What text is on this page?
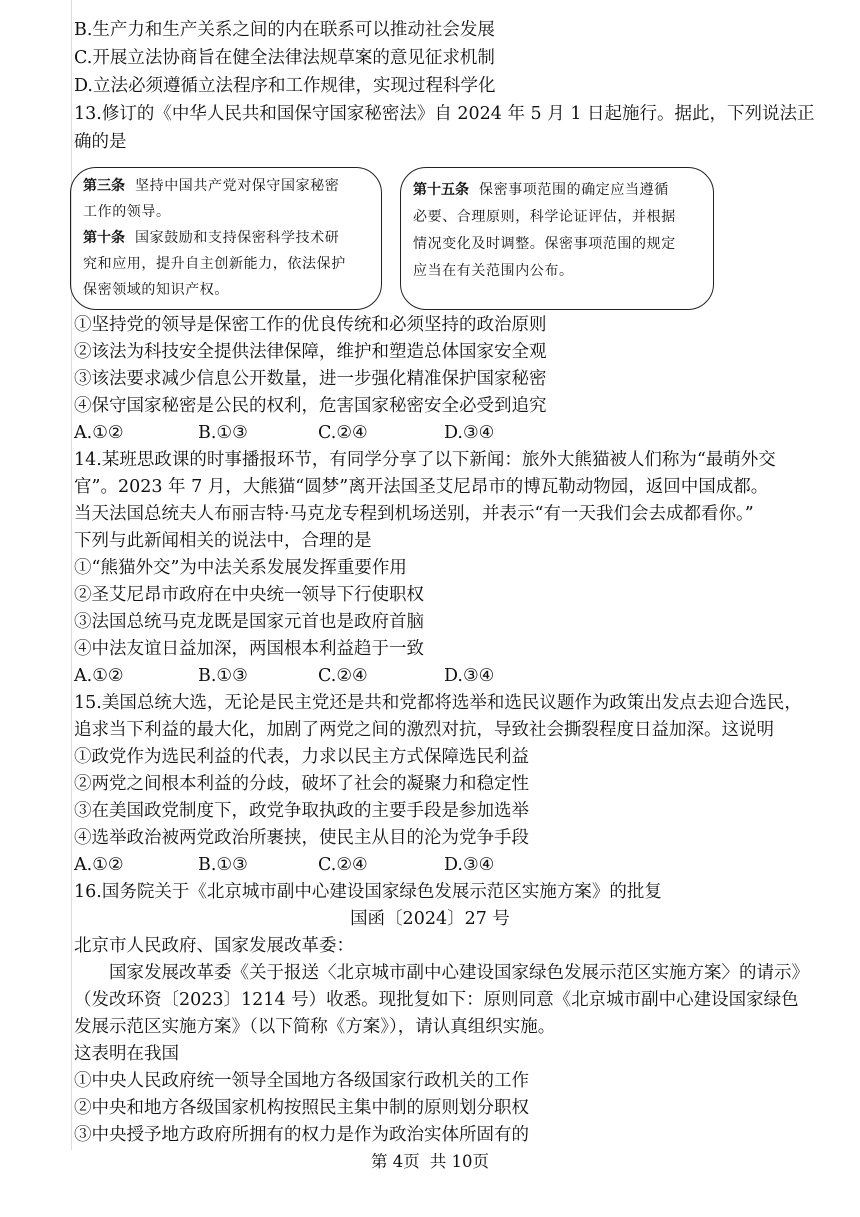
B.生产力和生产关系之间的内在联系可以推动社会发展
C.开展立法协商旨在健全法律法规草案的意见征求机制
D.立法必须遵循立法程序和工作规律，实现过程科学化
13.修订的《中华人民共和国保守国家秘密法》自 2024 年 5 月 1 日起施行。据此，下列说法正
确的是
第三条 坚持中国共产党对保守国家秘密
工作的领导。
第十条 国家鼓励和支持保密科学技术研
究和应用，提升自主创新能力，依法保护
保密领域的知识产权。
第十五条 保密事项范围的确定应当遵循
必要、合理原则，科学论证评估，并根据
情况变化及时调整。保密事项范围的规定
应当在有关范围内公布。
①坚持党的领导是保密工作的优良传统和必须坚持的政治原则
②该法为科技安全提供法律保障，维护和塑造总体国家安全观
③该法要求减少信息公开数量，进一步强化精准保护国家秘密
④保守国家秘密是公民的权利，危害国家秘密安全必受到追究
A.①②	B.①③	C.②④	D.③④
14.某班思政课的时事播报环节，有同学分享了以下新闻：旅外大熊猫被人们称为“最萌外交
官”。2023 年 7 月，大熊猫“圆梦”离开法国圣艾尼昂市的博瓦勒动物园，返回中国成都。
当天法国总统夫人布丽吉特·马克龙专程到机场送别，并表示“有一天我们会去成都看你。”
下列与此新闻相关的说法中，合理的是
①“熊猫外交”为中法关系发展发挥重要作用
②圣艾尼昂市政府在中央统一领导下行使职权
③法国总统马克龙既是国家元首也是政府首脑
④中法友谊日益加深，两国根本利益趋于一致
A.①②	B.①③	C.②④	D.③④
15.美国总统大选，无论是民主党还是共和党都将选举和选民议题作为政策出发点去迎合选民，
追求当下利益的最大化，加剧了两党之间的激烈对抗，导致社会撕裂程度日益加深。这说明
①政党作为选民利益的代表，力求以民主方式保障选民利益
②两党之间根本利益的分歧，破坏了社会的凝聚力和稳定性
③在美国政党制度下，政党争取执政的主要手段是参加选举
④选举政治被两党政治所裹挟，使民主从目的沦为党争手段
A.①②	B.①③	C.②④	D.③④
16.国务院关于《北京城市副中心建设国家绿色发展示范区实施方案》的批复
国函〔2024〕27 号
北京市人民政府、国家发展改革委：
国家发展改革委《关于报送〈北京城市副中心建设国家绿色发展示范区实施方案〉的请示》
（发改环资〔2023〕1214 号）收悉。现批复如下：原则同意《北京城市副中心建设国家绿色
发展示范区实施方案》（以下简称《方案》），请认真组织实施。
这表明在我国
①中央人民政府统一领导全国地方各级国家行政机关的工作
②中央和地方各级国家机构按照民主集中制的原则划分职权
③中央授予地方政府所拥有的权力是作为政治实体所固有的
第 4页 共 10页
